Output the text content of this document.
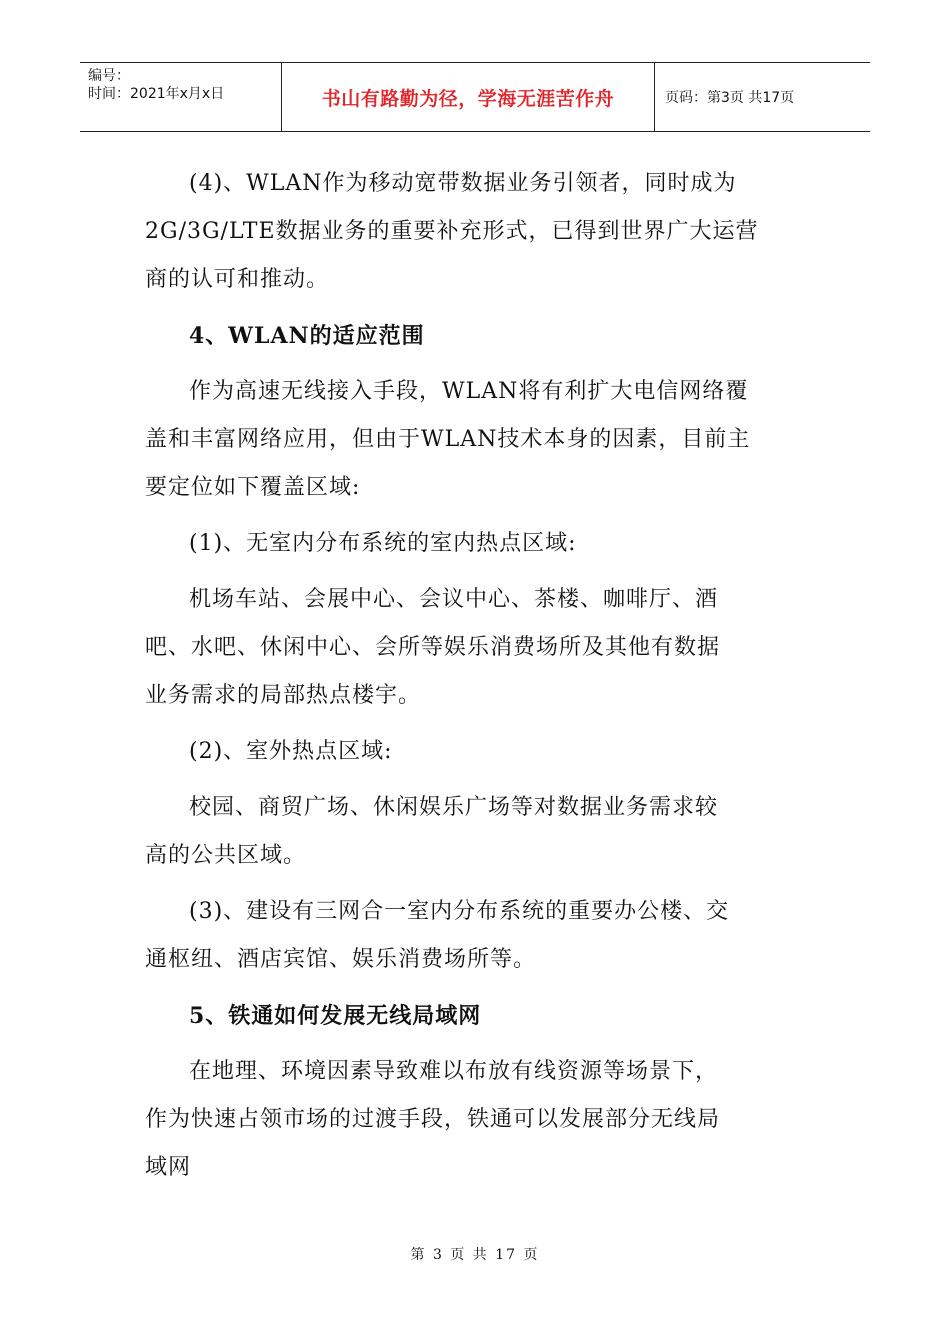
编号：
时间：2021年x月x日	书山有路勤为径，学海无涯苦作舟	页码：第3页 共17页

(4)、WLAN作为移动宽带数据业务引领者，同时成为

2G/3G/LTE数据业务的重要补充形式，已得到世界广大运营

商的认可和推动。

4、WLAN的适应范围

作为高速无线接入手段，WLAN将有利扩大电信网络覆

盖和丰富网络应用，但由于WLAN技术本身的因素，目前主

要定位如下覆盖区域:

(1)、无室内分布系统的室内热点区域:

机场车站、会展中心、会议中心、茶楼、咖啡厅、酒

吧、水吧、休闲中心、会所等娱乐消费场所及其他有数据

业务需求的局部热点楼宇。

(2)、室外热点区域:

校园、商贸广场、休闲娱乐广场等对数据业务需求较

高的公共区域。

(3)、建设有三网合一室内分布系统的重要办公楼、交

通枢纽、酒店宾馆、娱乐消费场所等。

5、铁通如何发展无线局域网

在地理、环境因素导致难以布放有线资源等场景下，

作为快速占领市场的过渡手段，铁通可以发展部分无线局

域网

第 3 页 共 17 页
